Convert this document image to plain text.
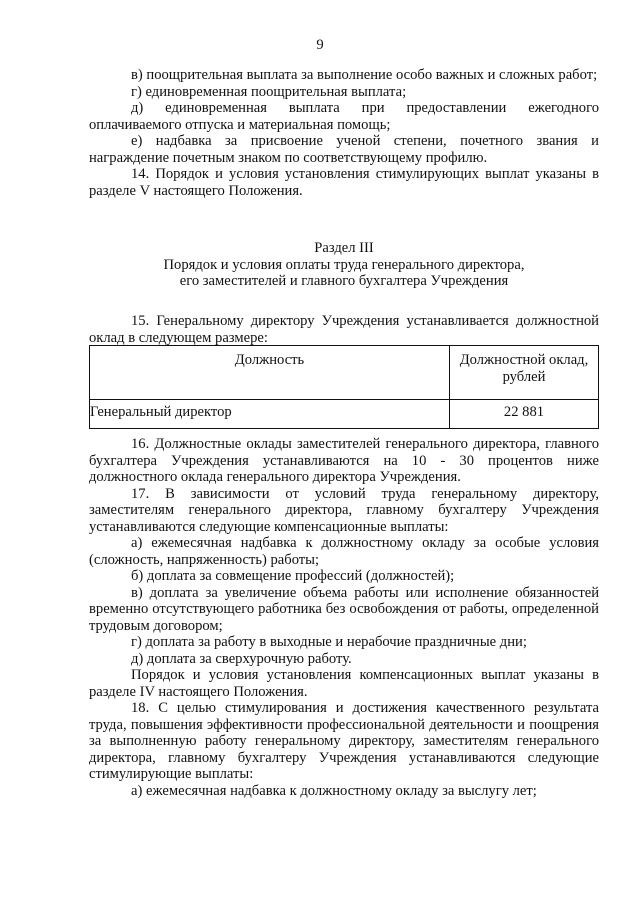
9

в) поощрительная выплата за выполнение особо важных и сложных работ;

г) единовременная поощрительная выплата;

д) единовременная выплата при предоставлении ежегодного оплачиваемого отпуска и материальная помощь;

е) надбавка за присвоение ученой степени, почетного звания и награждение почетным знаком по соответствующему профилю.

14. Порядок и условия установления стимулирующих выплат указаны в разделе V настоящего Положения.

Раздел III

Порядок и условия оплаты труда генерального директора,

его заместителей и главного бухгалтера Учреждения

15. Генеральному директору Учреждения устанавливается должностной оклад в следующем размере:

Должность	Должностной оклад, рублей
Генеральный директор	22 881

16. Должностные оклады заместителей генерального директора, главного бухгалтера Учреждения устанавливаются на 10 - 30 процентов ниже должностного оклада генерального директора Учреждения.

17. В зависимости от условий труда генеральному директору, заместителям генерального директора, главному бухгалтеру Учреждения устанавливаются следующие компенсационные выплаты:

а) ежемесячная надбавка к должностному окладу за особые условия (сложность, напряженность) работы;

б) доплата за совмещение профессий (должностей);

в) доплата за увеличение объема работы или исполнение обязанностей временно отсутствующего работника без освобождения от работы, определенной трудовым договором;

г) доплата за работу в выходные и нерабочие праздничные дни;

д) доплата за сверхурочную работу.

Порядок и условия установления компенсационных выплат указаны в разделе IV настоящего Положения.

18. С целью стимулирования и достижения качественного результата труда, повышения эффективности профессиональной деятельности и поощрения за выполненную работу генеральному директору, заместителям генерального директора, главному бухгалтеру Учреждения устанавливаются следующие стимулирующие выплаты:

а) ежемесячная надбавка к должностному окладу за выслугу лет;
